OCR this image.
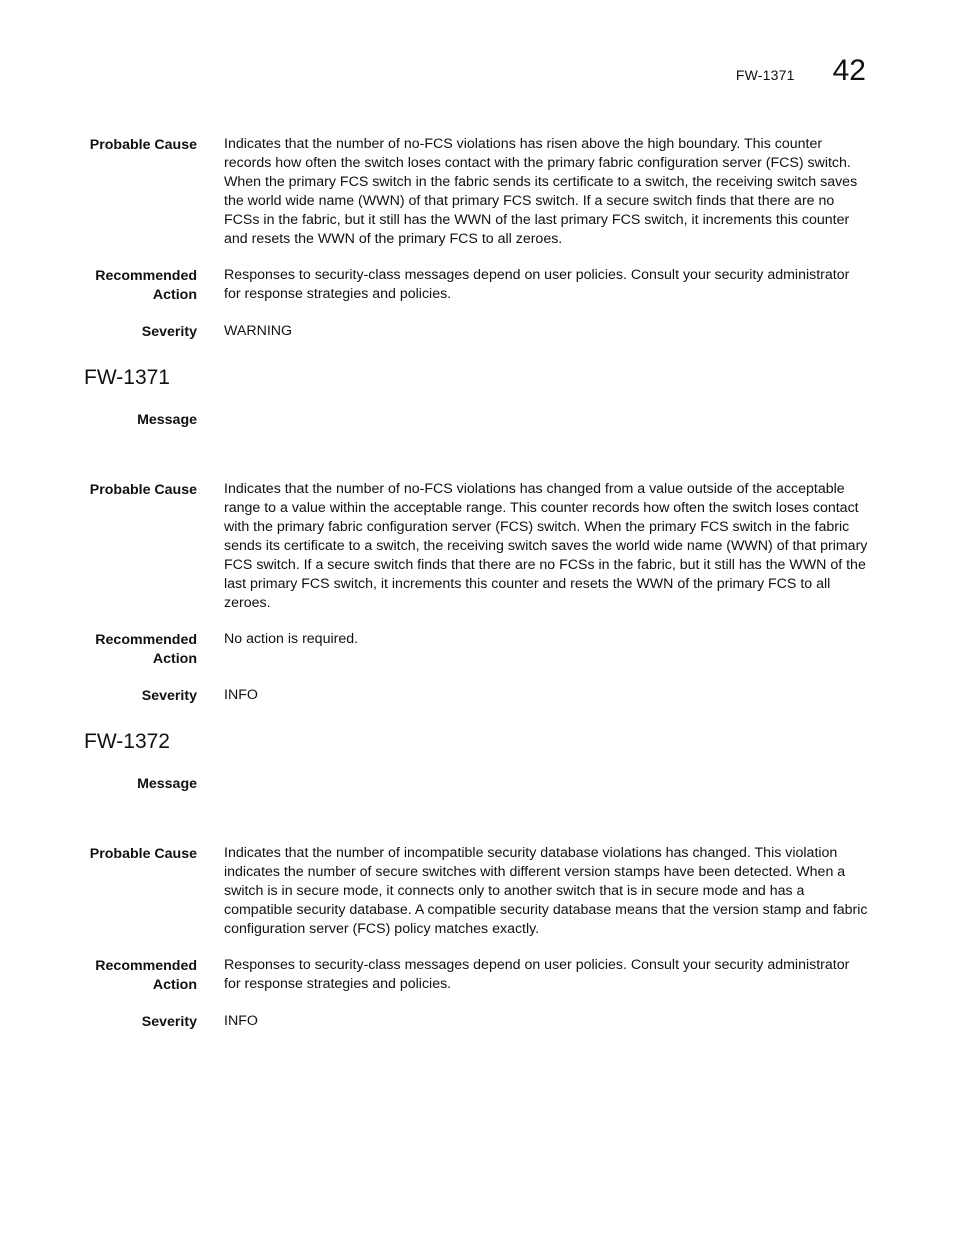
FW-1371 42
Probable Cause Indicates that the number of no-FCS violations has risen above the high boundary. This counter records how often the switch loses contact with the primary fabric configuration server (FCS) switch. When the primary FCS switch in the fabric sends its certificate to a switch, the receiving switch saves the world wide name (WWN) of that primary FCS switch. If a secure switch finds that there are no FCSs in the fabric, but it still has the WWN of the last primary FCS switch, it increments this counter and resets the WWN of the primary FCS to all zeroes.
Recommended
Action
Responses to security-class messages depend on user policies. Consult your security administrator for response strategies and policies.
Severity WARNING
FW-1371
Message
Probable Cause Indicates that the number of no-FCS violations has changed from a value outside of the acceptable range to a value within the acceptable range. This counter records how often the switch loses contact with the primary fabric configuration server (FCS) switch. When the primary FCS switch in the fabric sends its certificate to a switch, the receiving switch saves the world wide name (WWN) of that primary FCS switch. If a secure switch finds that there are no FCSs in the fabric, but it still has the WWN of the last primary FCS switch, it increments this counter and resets the WWN of the primary FCS to all zeroes.
Recommended
Action
No action is required.
Severity INFO
FW-1372
Message
Probable Cause Indicates that the number of incompatible security database violations has changed. This violation indicates the number of secure switches with different version stamps have been detected. When a switch is in secure mode, it connects only to another switch that is in secure mode and has a compatible security database. A compatible security database means that the version stamp and fabric configuration server (FCS) policy matches exactly.
Recommended
Action
Responses to security-class messages depend on user policies. Consult your security administrator for response strategies and policies.
Severity INFO
